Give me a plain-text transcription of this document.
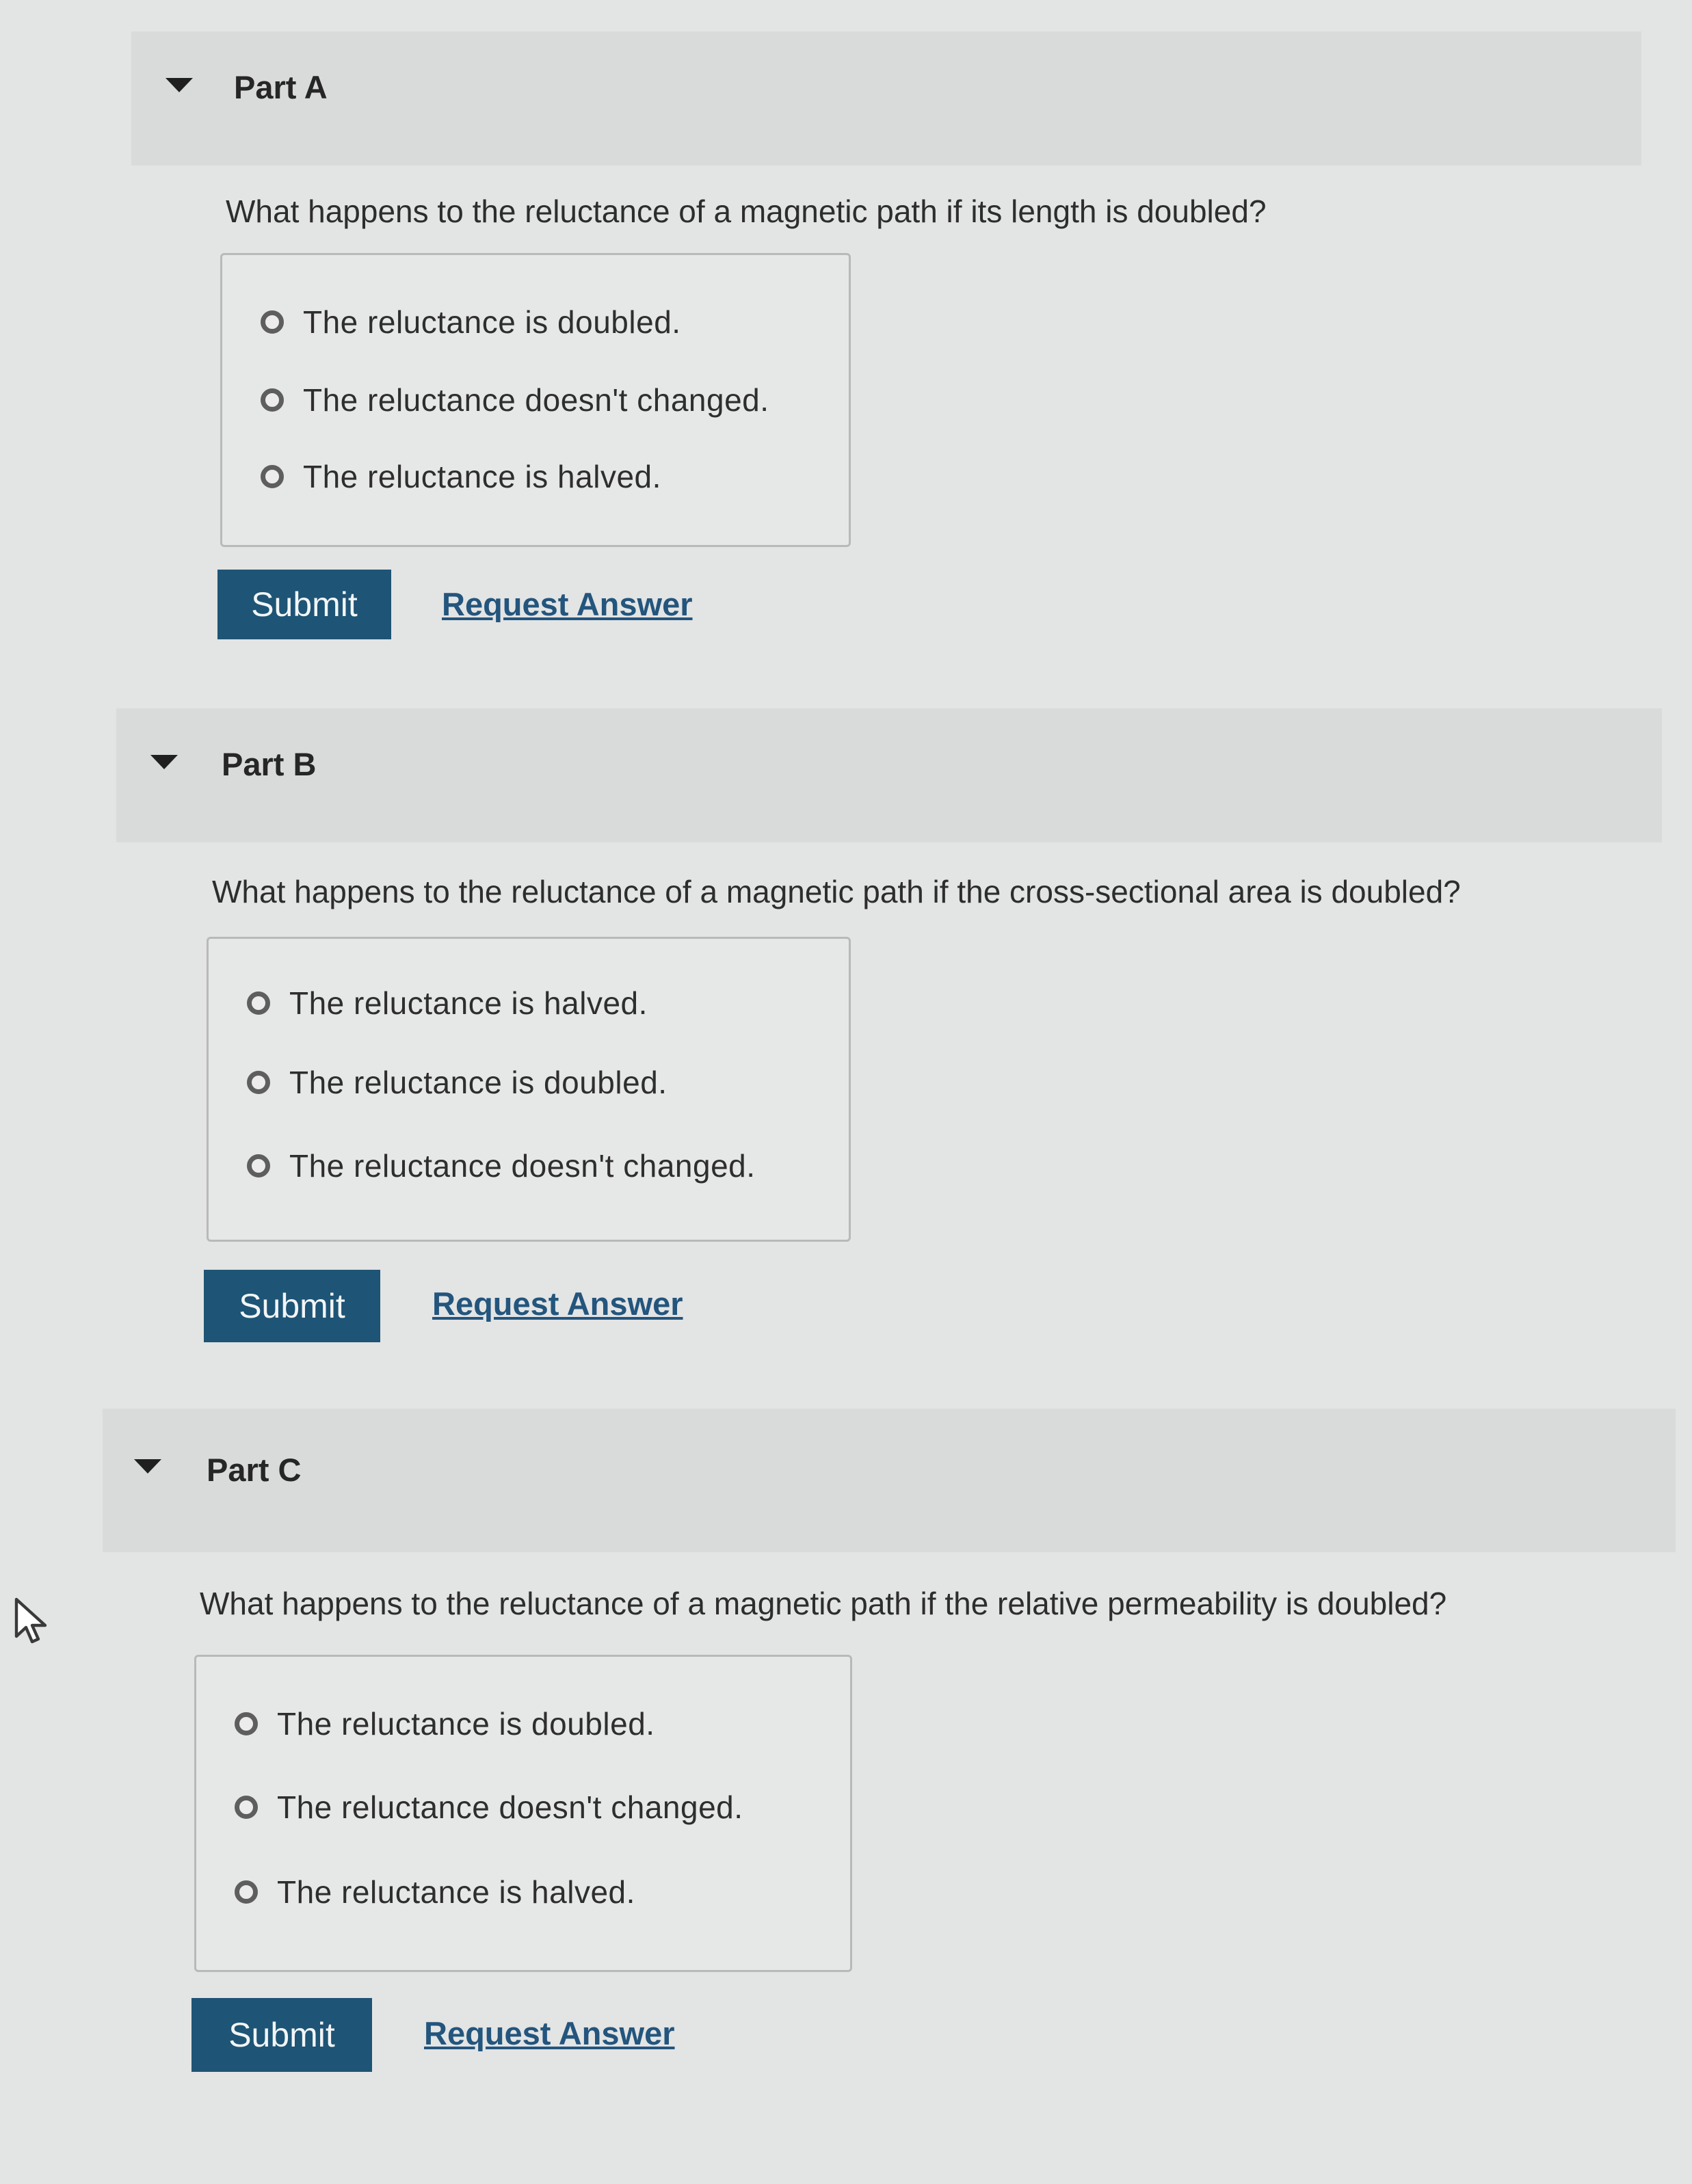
Part A
What happens to the reluctance of a magnetic path if its length is doubled?
The reluctance is doubled.
The reluctance doesn't changed.
The reluctance is halved.
Submit	Request Answer
Part B
What happens to the reluctance of a magnetic path if the cross-sectional area is doubled?
The reluctance is halved.
The reluctance is doubled.
The reluctance doesn't changed.
Submit	Request Answer
Part C
What happens to the reluctance of a magnetic path if the relative permeability is doubled?
The reluctance is doubled.
The reluctance doesn't changed.
The reluctance is halved.
Submit	Request Answer
